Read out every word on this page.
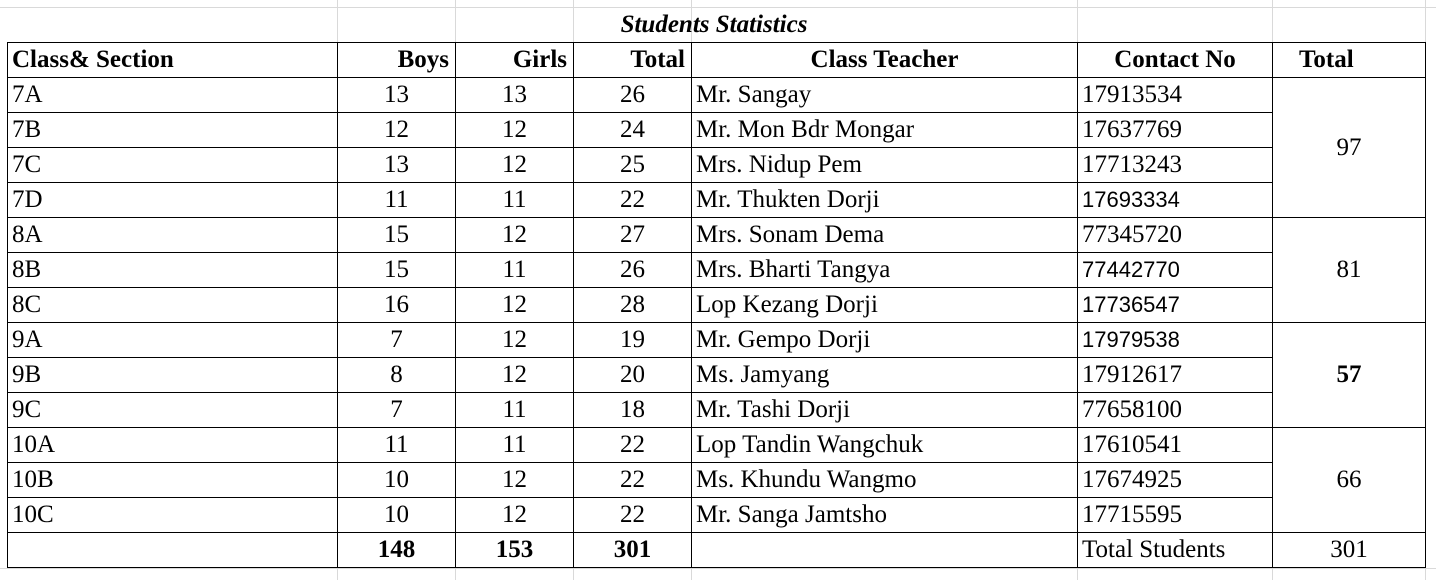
Students Statistics
Class& Section	Boys	Girls	Total	Class Teacher	Contact No	Total
7A	13	13	26	Mr. Sangay	17913534	97
7B	12	12	24	Mr. Mon Bdr Mongar	17637769	
7C	13	12	25	Mrs. Nidup Pem	17713243	
7D	11	11	22	Mr. Thukten Dorji	17693334	
8A	15	12	27	Mrs. Sonam Dema	77345720	81
8B	15	11	26	Mrs. Bharti Tangya	77442770	
8C	16	12	28	Lop Kezang Dorji	17736547	
9A	7	12	19	Mr. Gempo Dorji	17979538	57
9B	8	12	20	Ms. Jamyang	17912617	
9C	7	11	18	Mr. Tashi Dorji	77658100	
10A	11	11	22	Lop Tandin Wangchuk	17610541	66
10B	10	12	22	Ms. Khundu Wangmo	17674925	
10C	10	12	22	Mr. Sanga Jamtsho	17715595	
	148	153	301		Total Students	301
